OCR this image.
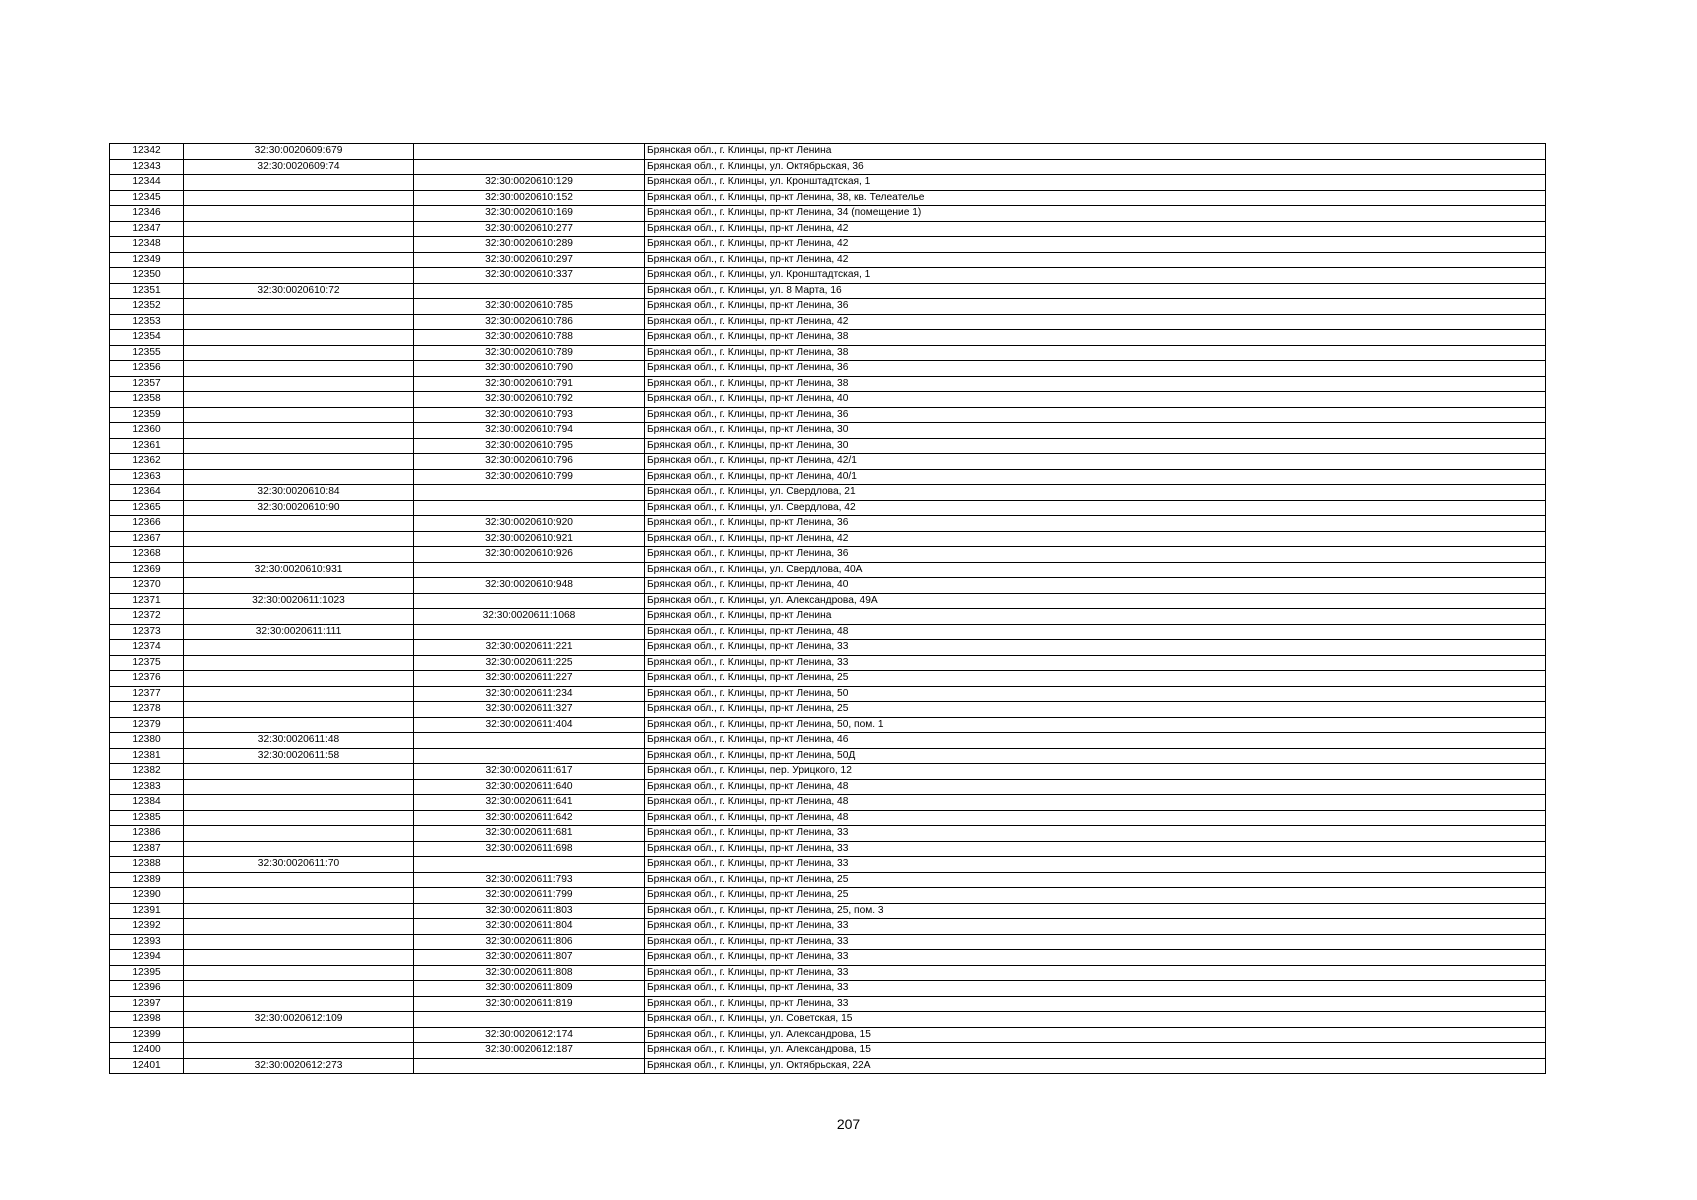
12342	32:30:0020609:679		Брянская обл., г. Клинцы, пр-кт Ленина
12343	32:30:0020609:74		Брянская обл., г. Клинцы, ул. Октябрьская, 36
12344		32:30:0020610:129	Брянская обл., г. Клинцы, ул. Кронштадтская, 1
12345		32:30:0020610:152	Брянская обл., г. Клинцы, пр-кт Ленина, 38, кв. Телеателье
12346		32:30:0020610:169	Брянская обл., г. Клинцы, пр-кт Ленина, 34 (помещение 1)
12347		32:30:0020610:277	Брянская обл., г. Клинцы, пр-кт Ленина, 42
12348		32:30:0020610:289	Брянская обл., г. Клинцы, пр-кт Ленина, 42
12349		32:30:0020610:297	Брянская обл., г. Клинцы, пр-кт Ленина, 42
12350		32:30:0020610:337	Брянская обл., г. Клинцы, ул. Кронштадтская, 1
12351	32:30:0020610:72		Брянская обл., г. Клинцы, ул. 8 Марта, 16
12352		32:30:0020610:785	Брянская обл., г. Клинцы, пр-кт Ленина, 36
12353		32:30:0020610:786	Брянская обл., г. Клинцы, пр-кт Ленина, 42
12354		32:30:0020610:788	Брянская обл., г. Клинцы, пр-кт Ленина, 38
12355		32:30:0020610:789	Брянская обл., г. Клинцы, пр-кт Ленина, 38
12356		32:30:0020610:790	Брянская обл., г. Клинцы, пр-кт Ленина, 36
12357		32:30:0020610:791	Брянская обл., г. Клинцы, пр-кт Ленина, 38
12358		32:30:0020610:792	Брянская обл., г. Клинцы, пр-кт Ленина, 40
12359		32:30:0020610:793	Брянская обл., г. Клинцы, пр-кт Ленина, 36
12360		32:30:0020610:794	Брянская обл., г. Клинцы, пр-кт Ленина, 30
12361		32:30:0020610:795	Брянская обл., г. Клинцы, пр-кт Ленина, 30
12362		32:30:0020610:796	Брянская обл., г. Клинцы, пр-кт Ленина, 42/1
12363		32:30:0020610:799	Брянская обл., г. Клинцы, пр-кт Ленина, 40/1
12364	32:30:0020610:84		Брянская обл., г. Клинцы, ул. Свердлова, 21
12365	32:30:0020610:90		Брянская обл., г. Клинцы, ул. Свердлова, 42
12366		32:30:0020610:920	Брянская обл., г. Клинцы, пр-кт Ленина, 36
12367		32:30:0020610:921	Брянская обл., г. Клинцы, пр-кт Ленина, 42
12368		32:30:0020610:926	Брянская обл., г. Клинцы, пр-кт Ленина, 36
12369	32:30:0020610:931		Брянская обл., г. Клинцы, ул. Свердлова, 40А
12370		32:30:0020610:948	Брянская обл., г. Клинцы, пр-кт Ленина, 40
12371	32:30:0020611:1023		Брянская обл., г. Клинцы, ул. Александрова, 49А
12372		32:30:0020611:1068	Брянская обл., г. Клинцы, пр-кт Ленина
12373	32:30:0020611:111		Брянская обл., г. Клинцы, пр-кт Ленина, 48
12374		32:30:0020611:221	Брянская обл., г. Клинцы, пр-кт Ленина, 33
12375		32:30:0020611:225	Брянская обл., г. Клинцы, пр-кт Ленина, 33
12376		32:30:0020611:227	Брянская обл., г. Клинцы, пр-кт Ленина, 25
12377		32:30:0020611:234	Брянская обл., г. Клинцы, пр-кт Ленина, 50
12378		32:30:0020611:327	Брянская обл., г. Клинцы, пр-кт Ленина, 25
12379		32:30:0020611:404	Брянская обл., г. Клинцы, пр-кт Ленина, 50, пом. 1
12380	32:30:0020611:48		Брянская обл., г. Клинцы, пр-кт Ленина, 46
12381	32:30:0020611:58		Брянская обл., г. Клинцы, пр-кт Ленина, 50Д
12382		32:30:0020611:617	Брянская обл., г. Клинцы, пер. Урицкого, 12
12383		32:30:0020611:640	Брянская обл., г. Клинцы, пр-кт Ленина, 48
12384		32:30:0020611:641	Брянская обл., г. Клинцы, пр-кт Ленина, 48
12385		32:30:0020611:642	Брянская обл., г. Клинцы, пр-кт Ленина, 48
12386		32:30:0020611:681	Брянская обл., г. Клинцы, пр-кт Ленина, 33
12387		32:30:0020611:698	Брянская обл., г. Клинцы, пр-кт Ленина, 33
12388	32:30:0020611:70		Брянская обл., г. Клинцы, пр-кт Ленина, 33
12389		32:30:0020611:793	Брянская обл., г. Клинцы, пр-кт Ленина, 25
12390		32:30:0020611:799	Брянская обл., г. Клинцы, пр-кт Ленина, 25
12391		32:30:0020611:803	Брянская обл., г. Клинцы, пр-кт Ленина, 25, пом. 3
12392		32:30:0020611:804	Брянская обл., г. Клинцы, пр-кт Ленина, 33
12393		32:30:0020611:806	Брянская обл., г. Клинцы, пр-кт Ленина, 33
12394		32:30:0020611:807	Брянская обл., г. Клинцы, пр-кт Ленина, 33
12395		32:30:0020611:808	Брянская обл., г. Клинцы, пр-кт Ленина, 33
12396		32:30:0020611:809	Брянская обл., г. Клинцы, пр-кт Ленина, 33
12397		32:30:0020611:819	Брянская обл., г. Клинцы, пр-кт Ленина, 33
12398	32:30:0020612:109		Брянская обл., г. Клинцы, ул. Советская, 15
12399		32:30:0020612:174	Брянская обл., г. Клинцы, ул. Александрова, 15
12400		32:30:0020612:187	Брянская обл., г. Клинцы, ул. Александрова, 15
12401	32:30:0020612:273		Брянская обл., г. Клинцы, ул. Октябрьская, 22А
207
